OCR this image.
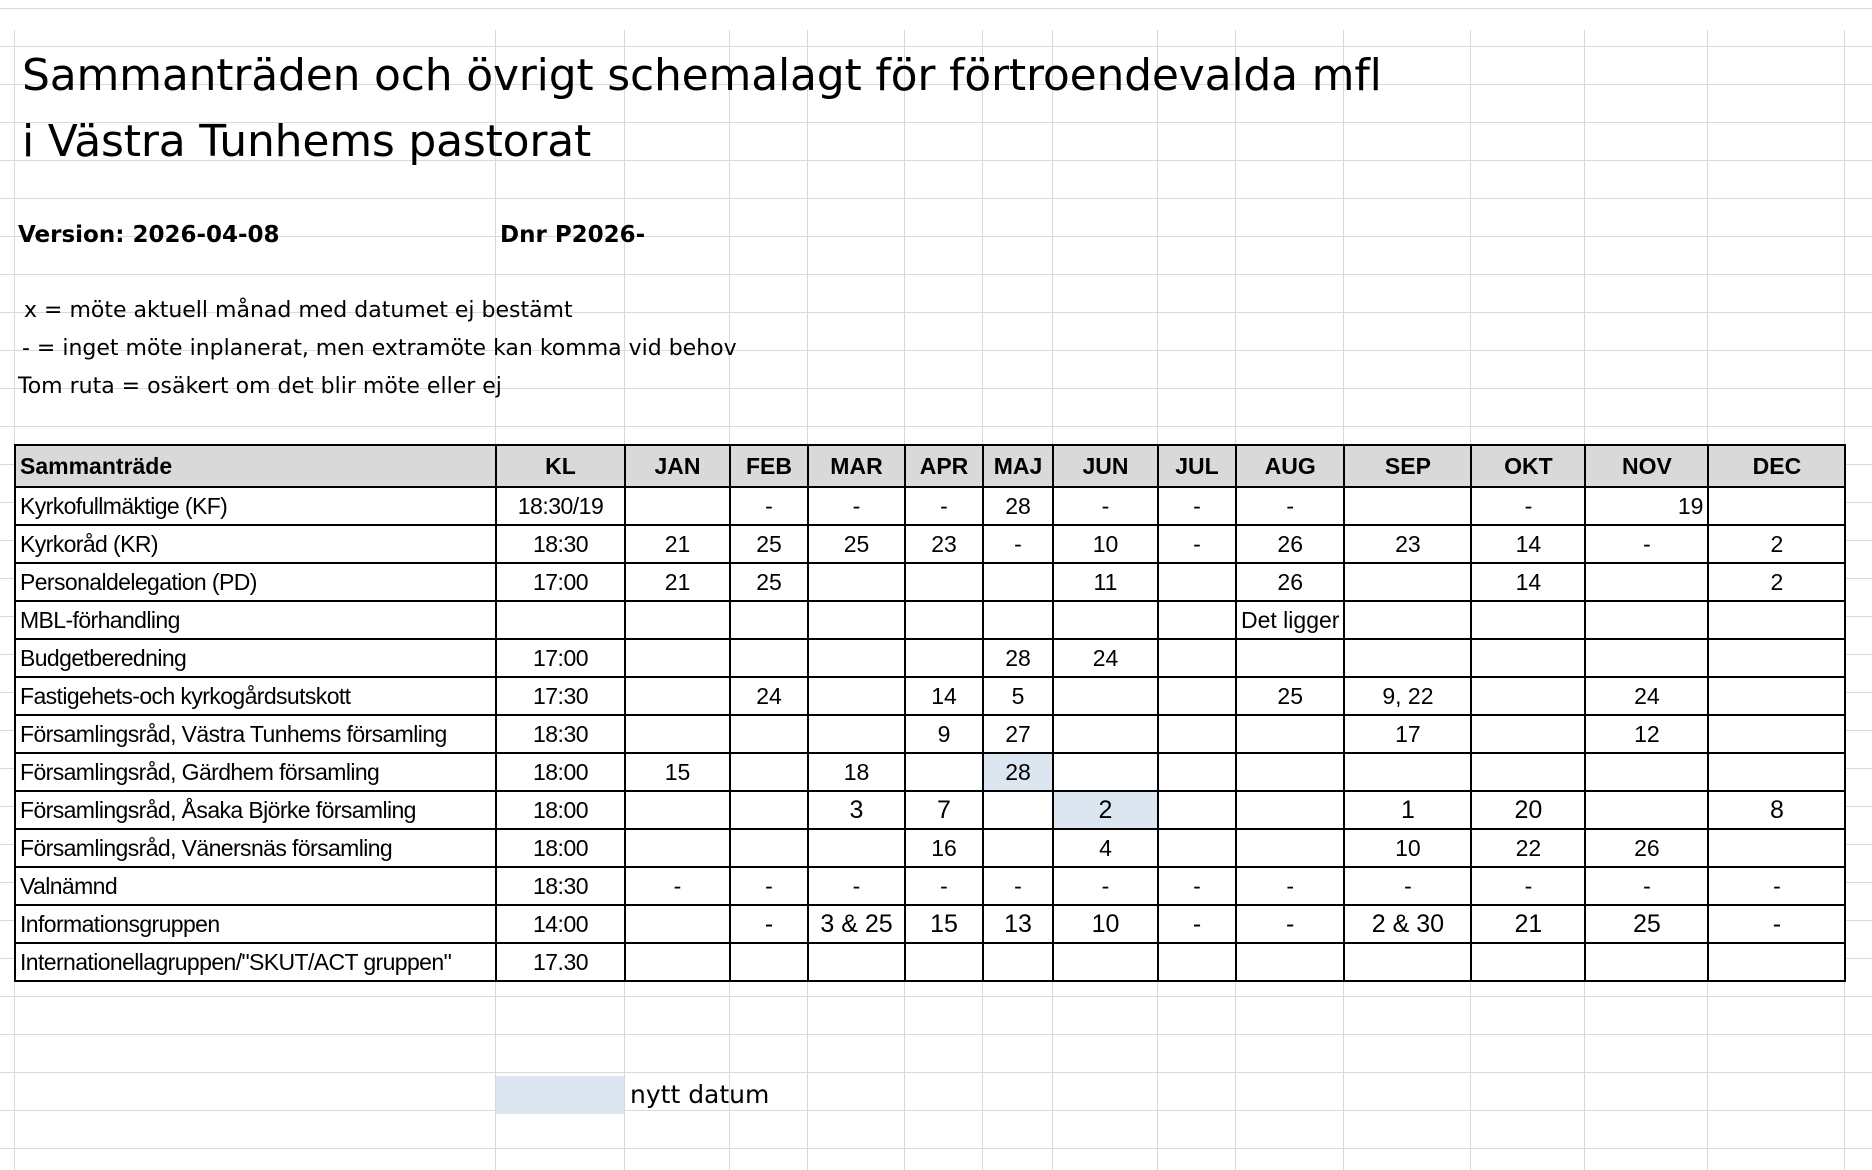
Sammanträden och övrigt schemalagt för förtroendevalda mfl
i Västra Tunhems pastorat
Version: 2026-04-08	Dnr P2026-
x = möte aktuell månad med datumet ej bestämt
- = inget möte inplanerat, men extramöte kan komma vid behov
Tom ruta = osäkert om det blir möte eller ej
Sammanträde	KL	JAN	FEB	MAR	APR	MAJ	JUN	JUL	AUG	SEP	OKT	NOV	DEC
Kyrkofullmäktige (KF)	18:30/19		-	-	-	28	-	-	-		-	19	
Kyrkoråd (KR)	18:30	21	25	25	23	-	10	-	26	23	14	-	2
Personaldelegation (PD)	17:00	21	25				11		26		14		2
MBL-förhandling									Det ligger				
Budgetberedning	17:00					28	24						
Fastigehets-och kyrkogårdsutskott	17:30		24		14	5			25	9, 22		24	
Församlingsråd, Västra Tunhems församling	18:30				9	27				17		12	
Församlingsråd, Gärdhem församling	18:00	15		18		28							
Församlingsråd, Åsaka Björke församling	18:00			3	7		2			1	20		8
Församlingsråd, Vänersnäs församling	18:00				16		4			10	22	26	
Valnämnd	18:30	-	-	-	-	-	-	-	-	-	-	-	-
Informationsgruppen	14:00		-	3 & 25	15	13	10	-	-	2 & 30	21	25	-
Internationellagruppen/"SKUT/ACT gruppen"	17.30												
nytt datum
